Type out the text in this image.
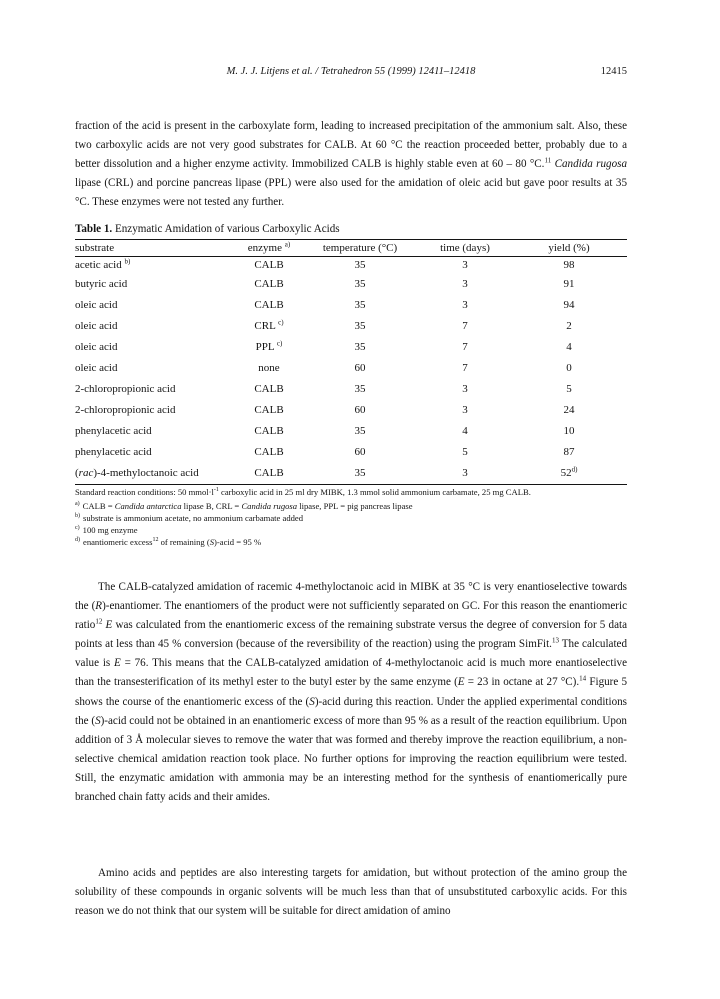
M. J. J. Litjens et al. / Tetrahedron 55 (1999) 12411–12418	12415

fraction of the acid is present in the carboxylate form, leading to increased precipitation of the ammonium salt. Also, these two carboxylic acids are not very good substrates for CALB. At 60 °C the reaction proceeded better, probably due to a better dissolution and a higher enzyme activity. Immobilized CALB is highly stable even at 60 – 80 °C.$^{11}$ Candida rugosa lipase (CRL) and porcine pancreas lipase (PPL) were also used for the amidation of oleic acid but gave poor results at 35 °C. These enzymes were not tested any further.

Table 1. Enzymatic Amidation of various Carboxylic Acids
substrate	enzyme $^{a)}$	temperature (°C)	time (days)	yield (%)
acetic acid $^{b)}$	CALB	35	3	98
butyric acid	CALB	35	3	91
oleic acid	CALB	35	3	94
oleic acid	CRL $^{c)}$	35	7	2
oleic acid	PPL $^{c)}$	35	7	4
oleic acid	none	60	7	0
2-chloropropionic acid	CALB	35	3	5
2-chloropropionic acid	CALB	60	3	24
phenylacetic acid	CALB	35	4	10
phenylacetic acid	CALB	60	5	87
(rac)-4-methyloctanoic acid	CALB	35	3	52$^{d)}$
Standard reaction conditions: 50 $mmol\cdot l^{-1}$ carboxylic acid in 25 ml dry MIBK, 1.3 mmol solid ammonium carbamate, 25 mg CALB.
$^{a)}$ CALB = Candida antarctica lipase B, CRL = Candida rugosa lipase, PPL = pig pancreas lipase
$^{b)}$ substrate is ammonium acetate, no ammonium carbamate added
$^{c)}$ 100 mg enzyme
$^{d)}$ enantiomeric excess$^{12}$ of remaining (S)-acid = 95 %

The CALB-catalyzed amidation of racemic 4-methyloctanoic acid in MIBK at 35 °C is very enantioselective towards the (R)-enantiomer. The enantiomers of the product were not sufficiently separated on GC. For this reason the enantiomeric ratio$^{12}$ E was calculated from the enantiomeric excess of the remaining substrate versus the degree of conversion for 5 data points at less than 45 % conversion (because of the reversibility of the reaction) using the program SimFit.$^{13}$ The calculated value is E = 76. This means that the CALB-catalyzed amidation of 4-methyloctanoic acid is much more enantioselective than the transesterification of its methyl ester to the butyl ester by the same enzyme (E = 23 in octane at 27 °C).$^{14}$ Figure 5 shows the course of the enantiomeric excess of the (S)-acid during this reaction. Under the applied experimental conditions the (S)-acid could not be obtained in an enantiomeric excess of more than 95 % as a result of the reaction equilibrium. Upon addition of 3 Å molecular sieves to remove the water that was formed and thereby improve the reaction equilibrium, a non-selective chemical amidation reaction took place. No further options for improving the reaction equilibrium were tested. Still, the enzymatic amidation with ammonia may be an interesting method for the synthesis of enantiomerically pure branched chain fatty acids and their amides.

Amino acids and peptides are also interesting targets for amidation, but without protection of the amino group the solubility of these compounds in organic solvents will be much less than that of unsubstituted carboxylic acids. For this reason we do not think that our system will be suitable for direct amidation of amino
